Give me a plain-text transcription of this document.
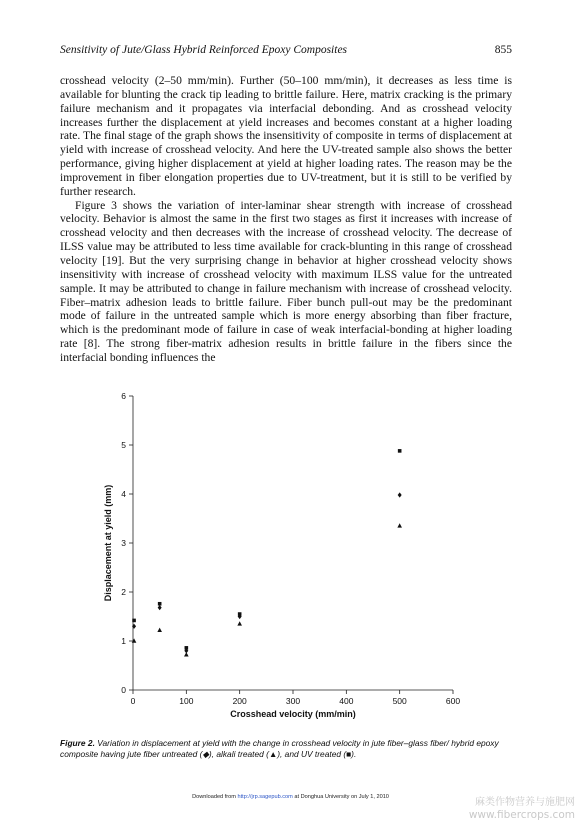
Sensitivity of Jute/Glass Hybrid Reinforced Epoxy Composites	855

crosshead velocity (2–50 mm/min). Further (50–100 mm/min), it decreases as less time is available for blunting the crack tip leading to brittle failure. Here, matrix cracking is the primary failure mechanism and it propagates via interfacial debonding. And as crosshead velocity increases further the displacement at yield increases and becomes constant at a higher loading rate. The final stage of the graph shows the insensitivity of composite in terms of displacement at yield with increase of crosshead velocity. And here the UV-treated sample also shows the better performance, giving higher displacement at yield at higher loading rates. The reason may be the improvement in fiber elongation properties due to UV-treatment, but it is still to be verified by further research.

Figure 3 shows the variation of inter-laminar shear strength with increase of crosshead velocity. Behavior is almost the same in the first two stages as first it increases with increase of crosshead velocity and then decreases with the increase of crosshead velocity. The decrease of ILSS value may be attributed to less time available for crack-blunting in this range of crosshead velocity [19]. But the very surprising change in behavior at higher crosshead velocity shows insensitivity with increase of crosshead velocity with maximum ILSS value for the untreated sample. It may be attributed to change in failure mechanism with increase of crosshead velocity. Fiber–matrix adhesion leads to brittle failure. Fiber bunch pull-out may be the predominant mode of failure in the untreated sample which is more energy absorbing than fiber fracture, which is the predominant mode of failure in case of weak interfacial-bonding at higher loading rate [8]. The strong fiber-matrix adhesion results in brittle failure in the fibers since the interfacial bonding influences the

0
1
2
3
4
5
6
0	100	200	300	400	500	600
Crosshead velocity (mm/min)
Displacement at yield (mm)
Figure 2. Variation in displacement at yield with the change in crosshead velocity in jute fiber–glass fiber/ hybrid epoxy composite having jute fiber untreated (◆), alkali treated (▲), and UV treated (■).
Downloaded from http://jrp.sagepub.com at Donghua University on July 1, 2010	麻类作物营养与施肥网
www.fibercrops.com
